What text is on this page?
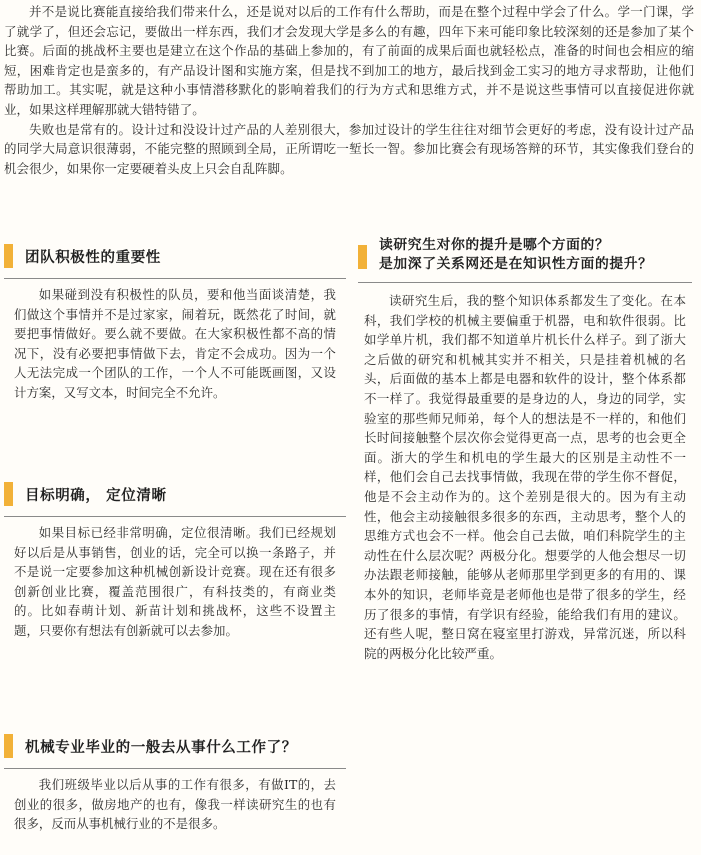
并不是说比赛能直接给我们带来什么，还是说对以后的工作有什么帮助，而是在整个过程中学会了什么。学一门课，学了就学了，但还会忘记，要做出一样东西，我们才会发现大学是多么的有趣，四年下来可能印象比较深刻的还是参加了某个比赛。后面的挑战杯主要也是建立在这个作品的基础上参加的，有了前面的成果后面也就轻松点，准备的时间也会相应的缩短，困难肯定也是蛮多的，有产品设计图和实施方案，但是找不到加工的地方，最后找到金工实习的地方寻求帮助，让他们帮助加工。其实呢，就是这种小事情潜移默化的影响着我们的行为方式和思维方式，并不是说这些事情可以直接促进你就业，如果这样理解那就大错特错了。

失败也是常有的。设计过和没设计过产品的人差别很大，参加过设计的学生往往对细节会更好的考虑，没有设计过产品的同学大局意识很薄弱，不能完整的照顾到全局，正所谓吃一堑长一智。参加比赛会有现场答辩的环节，其实像我们登台的机会很少，如果你一定要硬着头皮上只会自乱阵脚。

团队积极性的重要性

如果碰到没有积极性的队员，要和他当面谈清楚，我们做这个事情并不是过家家，闹着玩，既然花了时间，就要把事情做好。要么就不要做。在大家积极性都不高的情况下，没有必要把事情做下去，肯定不会成功。因为一个人无法完成一个团队的工作，一个人不可能既画图，又设计方案，又写文本，时间完全不允许。

目标明确， 定位清晰

如果目标已经非常明确，定位很清晰。我们已经规划好以后是从事销售，创业的话，完全可以换一条路子，并不是说一定要参加这种机械创新设计竞赛。现在还有很多创新创业比赛，覆盖范围很广，有科技类的，有商业类的。比如春萌计划、新苗计划和挑战杯，这些不设置主题，只要你有想法有创新就可以去参加。

机械专业毕业的一般去从事什么工作了？

我们班级毕业以后从事的工作有很多，有做IT的，去创业的很多，做房地产的也有，像我一样读研究生的也有很多，反而从事机械行业的不是很多。

读研究生对你的提升是哪个方面的？
是加深了关系网还是在知识性方面的提升？

读研究生后，我的整个知识体系都发生了变化。在本科，我们学校的机械主要偏重于机器，电和软件很弱。比如学单片机，我们都不知道单片机长什么样子。到了浙大之后做的研究和机械其实并不相关，只是挂着机械的名头，后面做的基本上都是电器和软件的设计，整个体系都不一样了。我觉得最重要的是身边的人，身边的同学，实验室的那些师兄师弟，每个人的想法是不一样的，和他们长时间接触整个层次你会觉得更高一点，思考的也会更全面。浙大的学生和机电的学生最大的区别是主动性不一样，他们会自己去找事情做，我现在带的学生你不督促，他是不会主动作为的。这个差别是很大的。因为有主动性，他会主动接触很多很多的东西，主动思考，整个人的思维方式也会不一样。他会自己去做，咱们科院学生的主动性在什么层次呢？两极分化。想要学的人他会想尽一切办法跟老师接触，能够从老师那里学到更多的有用的、课本外的知识，老师毕竟是老师他也是带了很多的学生，经历了很多的事情，有学识有经验，能给我们有用的建议。还有些人呢，整日窝在寝室里打游戏，异常沉迷，所以科院的两极分化比较严重。
